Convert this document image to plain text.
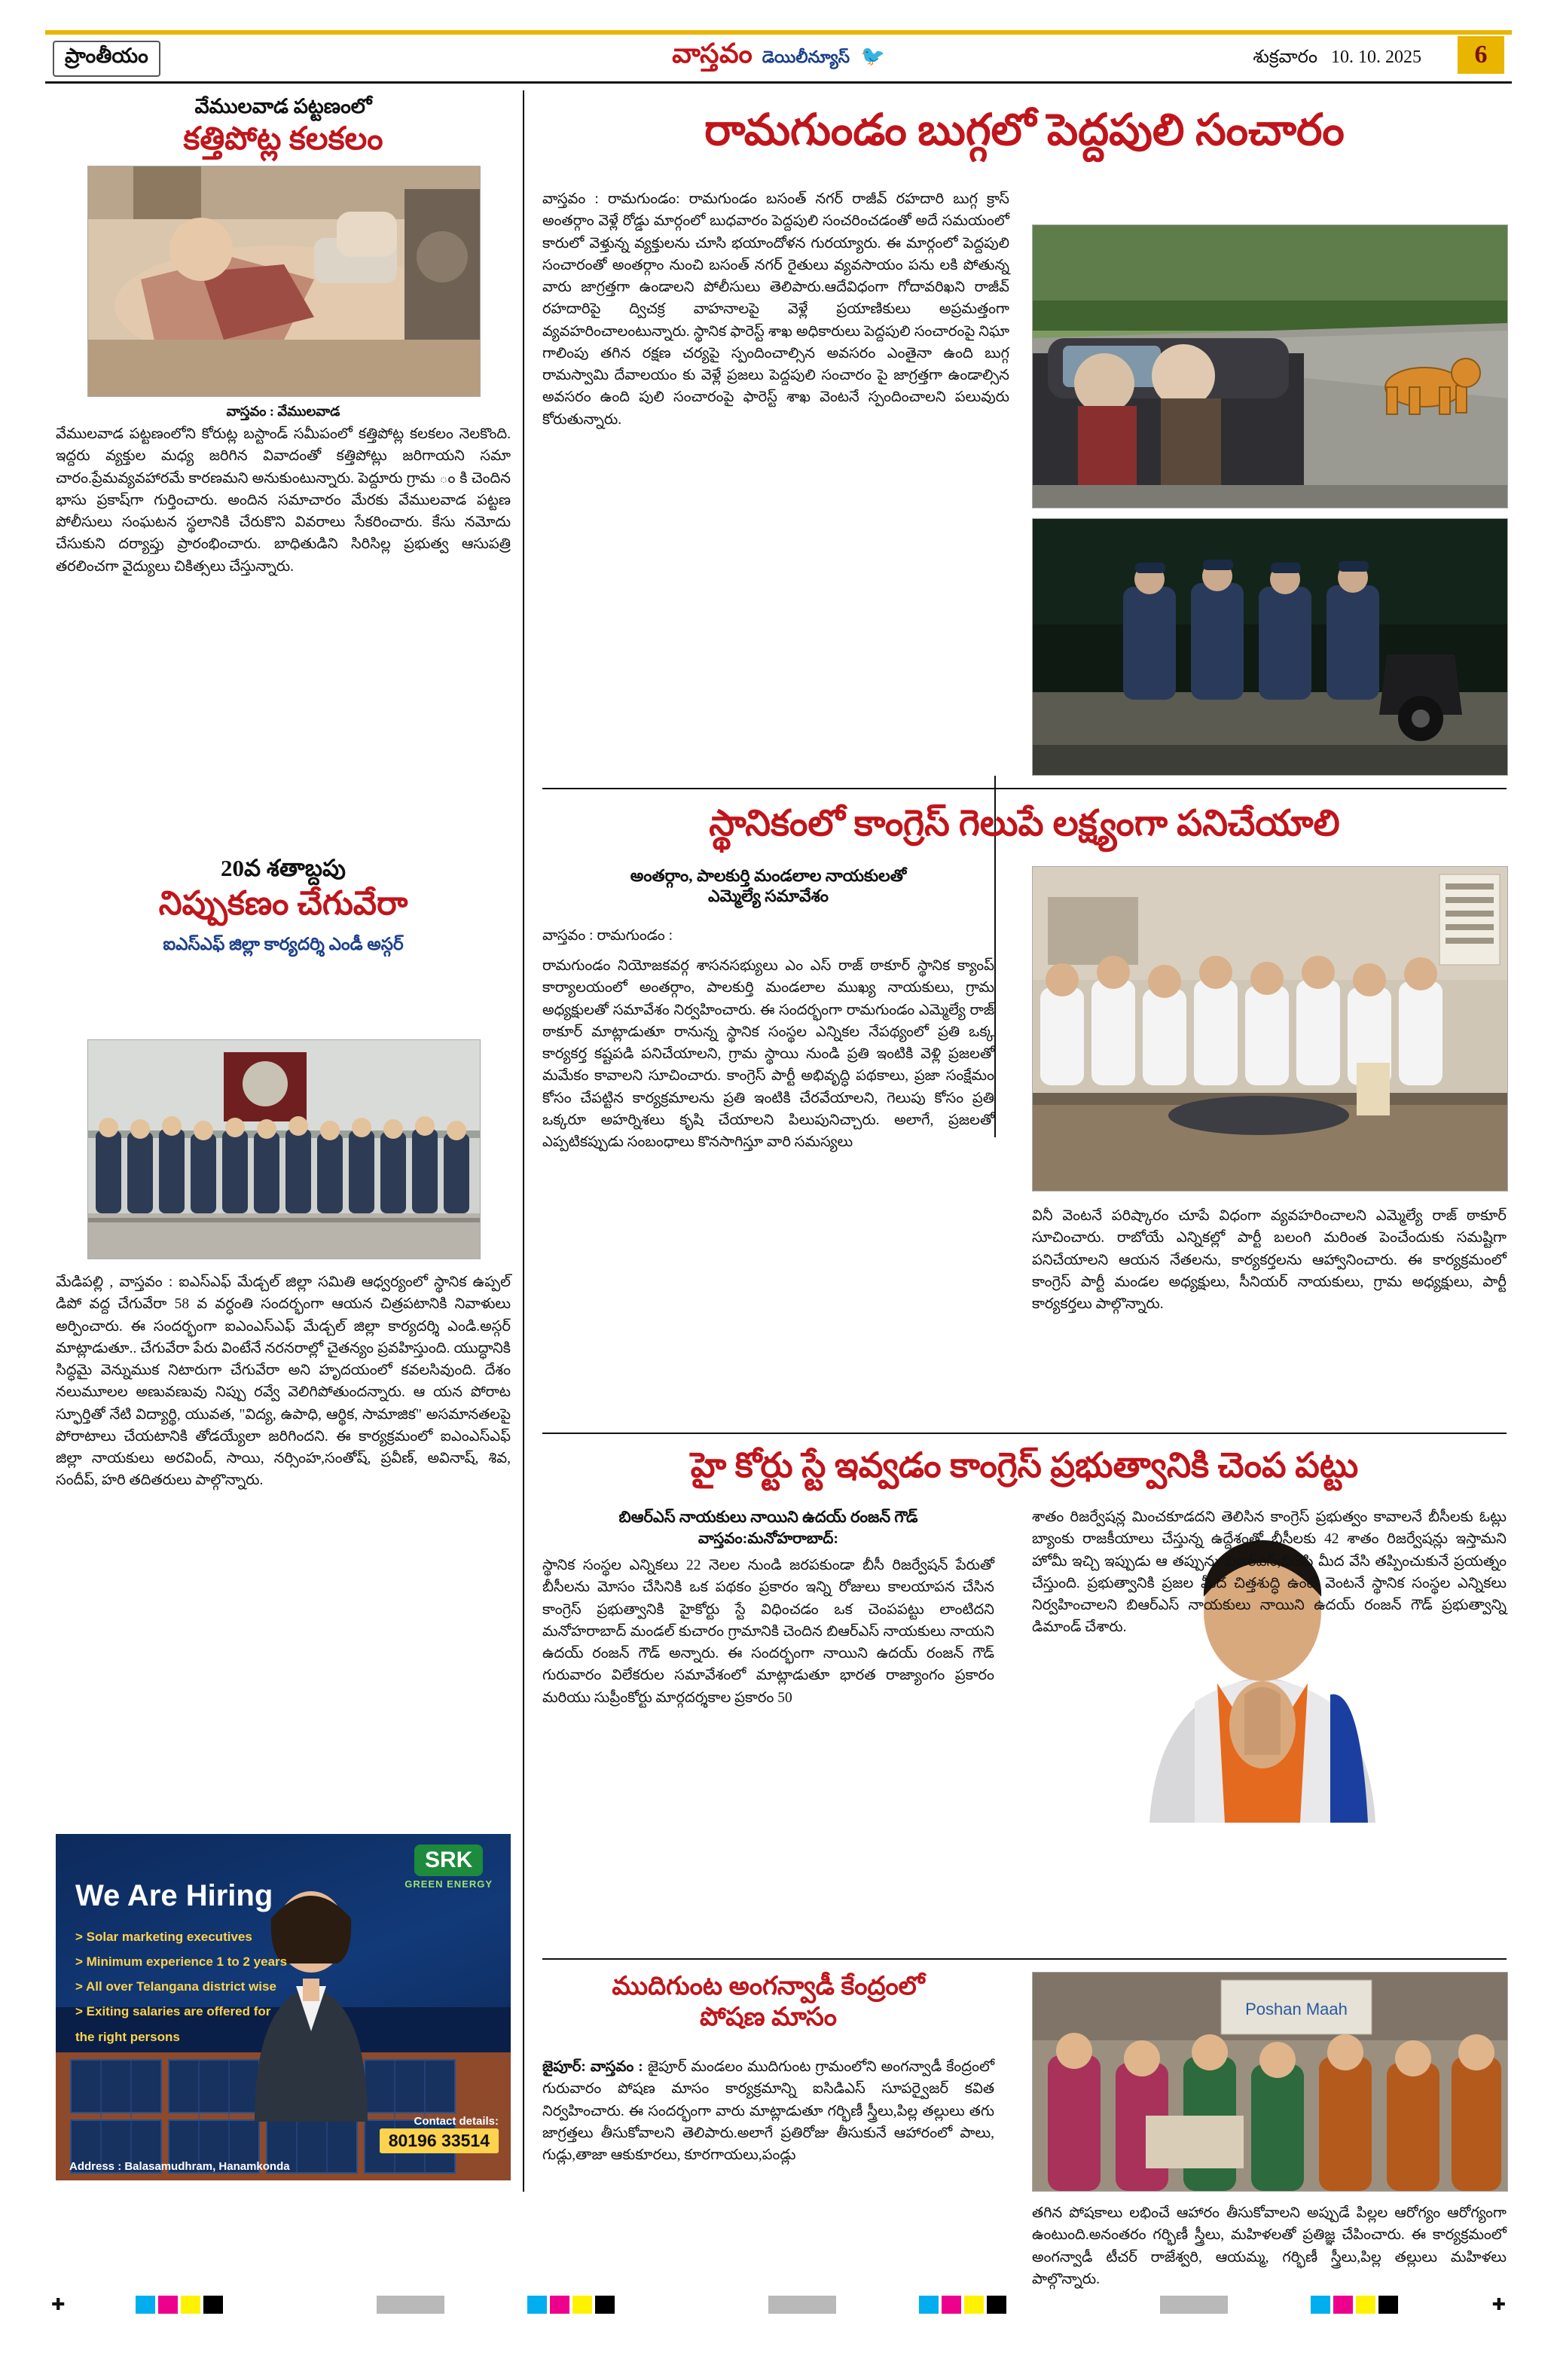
ప్రాంతీయం	వాస్తవం డెయిలీన్యూస్ 🐦	శుక్రవారం 10. 10. 2025	6
వేములవాడ పట్టణంలో
కత్తిపోట్ల కలకలం
వాస్తవం : వేములవాడ
వేములవాడ పట్టణంలోని కోరుట్ల బస్టాండ్ సమీపంలో కత్తిపోట్ల కలకలం నెలకొంది. ఇద్దరు వ్యక్తుల మధ్య జరిగిన వివాదంతో కత్తిపోట్లు జరిగాయని సమా చారం.ప్రేమవ్యవహారమే కారణమని అనుకుంటున్నారు. పెద్దూరు గ్రామ ం కి చెందిన భాసు ప్రకాష్‌గా గుర్తించారు. అందిన సమాచారం మేరకు వేములవాడ పట్టణ పోలీసులు సంఘటన స్థలానికి చేరుకొని వివరాలు సేకరించారు. కేసు నమోదు చేసుకుని దర్యాప్తు ప్రారంభించారు. బాధితుడిని సిరిసిల్ల ప్రభుత్వ ఆసుపత్రి తరలించగా వైద్యులు చికిత్సలు చేస్తున్నారు.
20వ శతాబ్దపు
నిప్పుకణం చేగువేరా
ఐఎస్ఎఫ్ జిల్లా కార్యదర్శి ఎండీ అస్గర్
మేడిపల్లి , వాస్తవం : ఐఎస్ఎఫ్ మేడ్చల్ జిల్లా సమితి ఆధ్వర్యంలో స్థానిక ఉప్పల్ డిపో వద్ద చేగువేరా 58 వ వర్ధంతి సందర్భంగా ఆయన చిత్రపటానికి నివాళులు అర్పించారు. ఈ సందర్భంగా ఐఎంఎస్ఎఫ్ మేడ్చల్ జిల్లా కార్యదర్శి ఎండి.అస్గర్ మాట్లాడుతూ.. చేగువేరా పేరు వింటేనే నరనరాల్లో చైతన్యం ప్రవహిస్తుంది. యుద్ధానికి సిద్ధమై వెన్నుముక నిటారుగా చేగువేరా అని హృదయంలో కవలసివుంది. దేశం నలుమూలల అణువణువు నిప్పు రవ్వే వెలిగిపోతుందన్నారు. ఆ యన పోరాట స్ఫూర్తితో నేటి విద్యార్థి, యువత, "విద్య, ఉపాధి, ఆర్థిక, సామాజిక" అసమానతలపై పోరాటాలు చేయటానికి తోడయ్యేలా జరిగిందని. ఈ కార్యక్రమంలో ఐఎంఎస్ఎఫ్ జిల్లా నాయకులు అరవింద్, సాయి, నర్సింహ,సంతోష్, ప్రవీణ్, అవినాష్, శివ, సందీప్, హరి తదితరులు పాల్గొన్నారు.
SRK
GREEN ENERGY
We Are Hiring
> Solar marketing executives
> Minimum experience 1 to 2 years
> All over Telangana district wise
> Exiting salaries are offered for
the right persons
Contact details:
80196 33514
Address : Balasamudhram, Hanamkonda
రామగుండం బుగ్గలో పెద్దపులి సంచారం
వాస్తవం : రామగుండం: రామగుండం బసంత్ నగర్ రాజీవ్ రహదారి బుగ్గ క్రాస్ అంతర్గాం వెళ్లే రోడ్డు మార్గంలో బుధవారం పెద్దపులి సంచరించడంతో అదే సమయంలో కారులో వెళ్తున్న వ్యక్తులను చూసి భయాందోళన గురయ్యారు. ఈ మార్గంలో పెద్దపులి సంచారంతో అంతర్గాం నుంచి బసంత్ నగర్ రైతులు వ్యవసాయం పను లకి పోతున్న వారు జాగ్రత్తగా ఉండాలని పోలీసులు తెలిపారు.ఆదేవిధంగా గోదావరిఖని రాజీవ్ రహదారిపై ద్విచక్ర వాహనాలపై వెళ్లే ప్రయాణికులు అప్రమత్తంగా వ్యవహరించాలంటున్నారు. స్థానిక ఫారెస్ట్ శాఖ అధికారులు పెద్దపులి సంచారంపై నిఘా గాలింపు తగిన రక్షణ చర్యపై స్పందించాల్సిన అవసరం ఎంతైనా ఉంది బుగ్గ రామస్వామి దేవాలయం కు వెళ్లే ప్రజలు పెద్దపులి సంచారం పై జాగ్రత్తగా ఉండాల్సిన అవసరం ఉంది పులి సంచారంపై ఫారెస్ట్ శాఖ వెంటనే స్పందించాలని పలువురు కోరుతున్నారు.
స్థానికంలో కాంగ్రెస్ గెలుపే లక్ష్యంగా పనిచేయాలి
అంతర్గాం, పాలకుర్తి మండలాల నాయకులతో
ఎమ్మెల్యే సమావేశం
వాస్తవం : రామగుండం :
రామగుండం నియోజకవర్గ శాసనసభ్యులు ఎం ఎస్ రాజ్ ఠాకూర్ స్థానిక క్యాంప్ కార్యాలయంలో అంతర్గాం, పాలకుర్తి మండలాల ముఖ్య నాయకులు, గ్రామ అధ్యక్షులతో సమావేశం నిర్వహించారు. ఈ సందర్భంగా రామగుండం ఎమ్మెల్యే రాజ్ ఠాకూర్ మాట్లాడుతూ రానున్న స్థానిక సంస్థల ఎన్నికల నేపథ్యంలో ప్రతి ఒక్క కార్యకర్త కష్టపడి పనిచేయాలని, గ్రామ స్థాయి నుండి ప్రతి ఇంటికి వెళ్లి ప్రజలతో మమేకం కావాలని సూచించారు. కాంగ్రెస్ పార్టీ అభివృద్ధి పథకాలు, ప్రజా సంక్షేమం కోసం చేపట్టిన కార్యక్రమాలను ప్రతి ఇంటికి చేరవేయాలని, గెలుపు కోసం ప్రతి ఒక్కరూ అహర్నిశలు కృషి చేయాలని పిలుపునిచ్చారు. అలాగే, ప్రజలతో ఎప్పటికప్పుడు సంబంధాలు కొనసాగిస్తూ వారి సమస్యలు
వినీ వెంటనే పరిష్కారం చూపే విధంగా వ్యవహరించాలని ఎమ్మెల్యే రాజ్ ఠాకూర్ సూచించారు. రాబోయే ఎన్నికల్లో పార్టీ బలంగి మరింత పెంచేందుకు సమష్టిగా పనిచేయాలని ఆయన నేతలను, కార్యకర్తలను ఆహ్వానించారు. ఈ కార్యక్రమంలో కాంగ్రెస్ పార్టీ మండల అధ్యక్షులు, సీనియర్ నాయకులు, గ్రామ అధ్యక్షులు, పార్టీ కార్యకర్తలు పాల్గొన్నారు.
హై కోర్టు స్టే ఇవ్వడం కాంగ్రెస్ ప్రభుత్వానికి చెంప పట్టు
బిఆర్ఎస్ నాయకులు నాయిని ఉదయ్ రంజన్ గౌడ్
వాస్తవం:మనోహరాబాద్:
స్థానిక సంస్థల ఎన్నికలు 22 నెలల నుండి జరపకుండా బీసీ రిజర్వేషన్ పేరుతో బీసీలను మోసం చేసినికి ఒక పథకం ప్రకారం ఇన్ని రోజులు కాలయాపన చేసిన కాంగ్రెస్ ప్రభుత్వానికి హైకోర్టు స్టే విధించడం ఒక చెంపపట్టు లాంటిదని మనోహరాబాద్ మండల్ కుచారం గ్రామానికి చెందిన బిఆర్ఎస్ నాయకులు నాయని ఉదయ్ రంజన్ గౌడ్ అన్నారు. ఈ సందర్భంగా నాయిని ఉదయ్ రంజన్ గౌడ్ గురువారం విలేకరుల సమావేశంలో మాట్లాడుతూ భారత రాజ్యాంగం ప్రకారం మరియు సుప్రీంకోర్టు మార్గదర్శకాల ప్రకారం 50
శాతం రిజర్వేషన్ల మించకూడదని తెలిసిన కాంగ్రెస్ ప్రభుత్వం కావాలనే బీసీలకు ఓట్లు బ్యాంకు రాజకీయాలు చేస్తున్న ఉద్దేశంతో బీసీలకు 42 శాతం రిజర్వేషన్లు ఇస్తామని హోమీ ఇచ్చి ఇప్పుడు ఆ తప్పును బిఆర్ఎస్,బిజెపి మీద వేసి తప్పించుకునే ప్రయత్నం చేస్తుంది. ప్రభుత్వానికి ప్రజల మీద చిత్తశుద్ధి ఉంటే వెంటనే స్థానిక సంస్థల ఎన్నికలు నిర్వహించాలని బిఆర్ఎస్ నాయకులు నాయిని ఉదయ్ రంజన్ గౌడ్ ప్రభుత్వాన్ని డిమాండ్ చేశారు.
ముదిగుంట అంగన్వాడీ కేంద్రంలో
పోషణ మాసం
జైపూర్: వాస్తవం : జైపూర్ మండలం ముదిగుంట గ్రామంలోని అంగన్వాడీ కేంద్రంలో గురువారం పోషణ మాసం కార్యక్రమాన్ని ఐసిడిఎస్ సూపర్వైజర్ కవిత నిర్వహించారు. ఈ సందర్భంగా వారు మాట్లాడుతూ గర్భిణీ స్త్రీలు,పిల్ల తల్లులు తగు జాగ్రత్తలు తీసుకోవాలని తెలిపారు.అలాగే ప్రతిరోజు తీసుకునే ఆహారంలో పాలు, గుడ్లు,తాజా ఆకుకూరలు, కూరగాయలు,పండ్లు
Poshan Maah
తగిన పోషకాలు లభించే ఆహారం తీసుకోవాలని అప్పుడే పిల్లల ఆరోగ్యం ఆరోగ్యంగా ఉంటుంది.అనంతరం గర్భిణీ స్త్రీలు, మహిళలతో ప్రతిజ్ఞ చేపించారు. ఈ కార్యక్రమంలో అంగన్వాడీ టీచర్ రాజేశ్వరి, ఆయమ్మ, గర్భిణీ స్త్రీలు,పిల్ల తల్లులు మహిళలు పాల్గొన్నారు.
✚	✚
